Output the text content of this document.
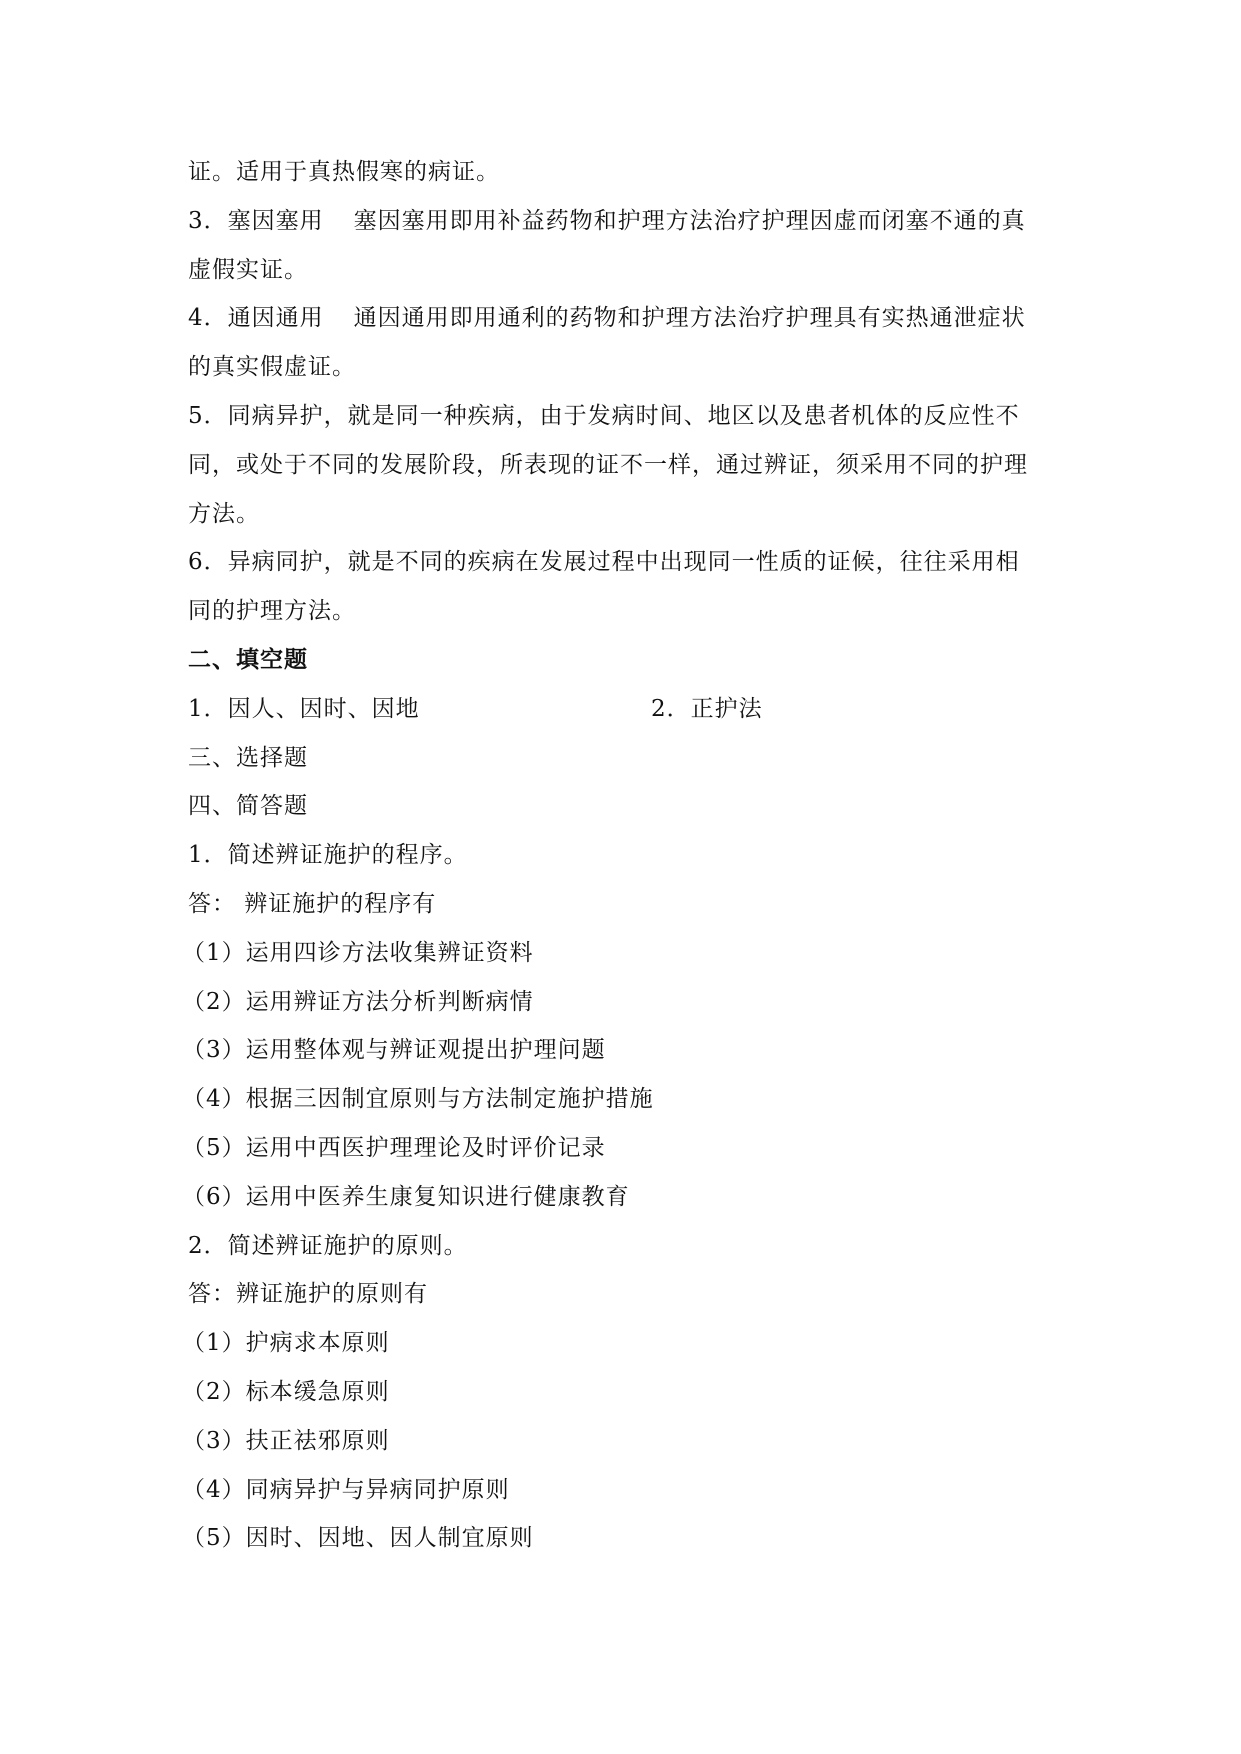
证。适用于真热假寒的病证。
3．塞因塞用 塞因塞用即用补益药物和护理方法治疗护理因虚而闭塞不通的真
虚假实证。
4．通因通用 通因通用即用通利的药物和护理方法治疗护理具有实热通泄症状
的真实假虚证。
5．同病异护，就是同一种疾病，由于发病时间、地区以及患者机体的反应性不
同，或处于不同的发展阶段，所表现的证不一样，通过辨证，须采用不同的护理
方法。
6．异病同护，就是不同的疾病在发展过程中出现同一性质的证候，往往采用相
同的护理方法。
二、填空题
1．因人、因时、因地	2．正护法
三、选择题
四、简答题
1．简述辨证施护的程序。
答： 辨证施护的程序有
（1）运用四诊方法收集辨证资料
（2）运用辨证方法分析判断病情
（3）运用整体观与辨证观提出护理问题
（4）根据三因制宜原则与方法制定施护措施
（5）运用中西医护理理论及时评价记录
（6）运用中医养生康复知识进行健康教育
2．简述辨证施护的原则。
答：辨证施护的原则有
（1）护病求本原则
（2）标本缓急原则
（3）扶正祛邪原则
（4）同病异护与异病同护原则
（5）因时、因地、因人制宜原则
